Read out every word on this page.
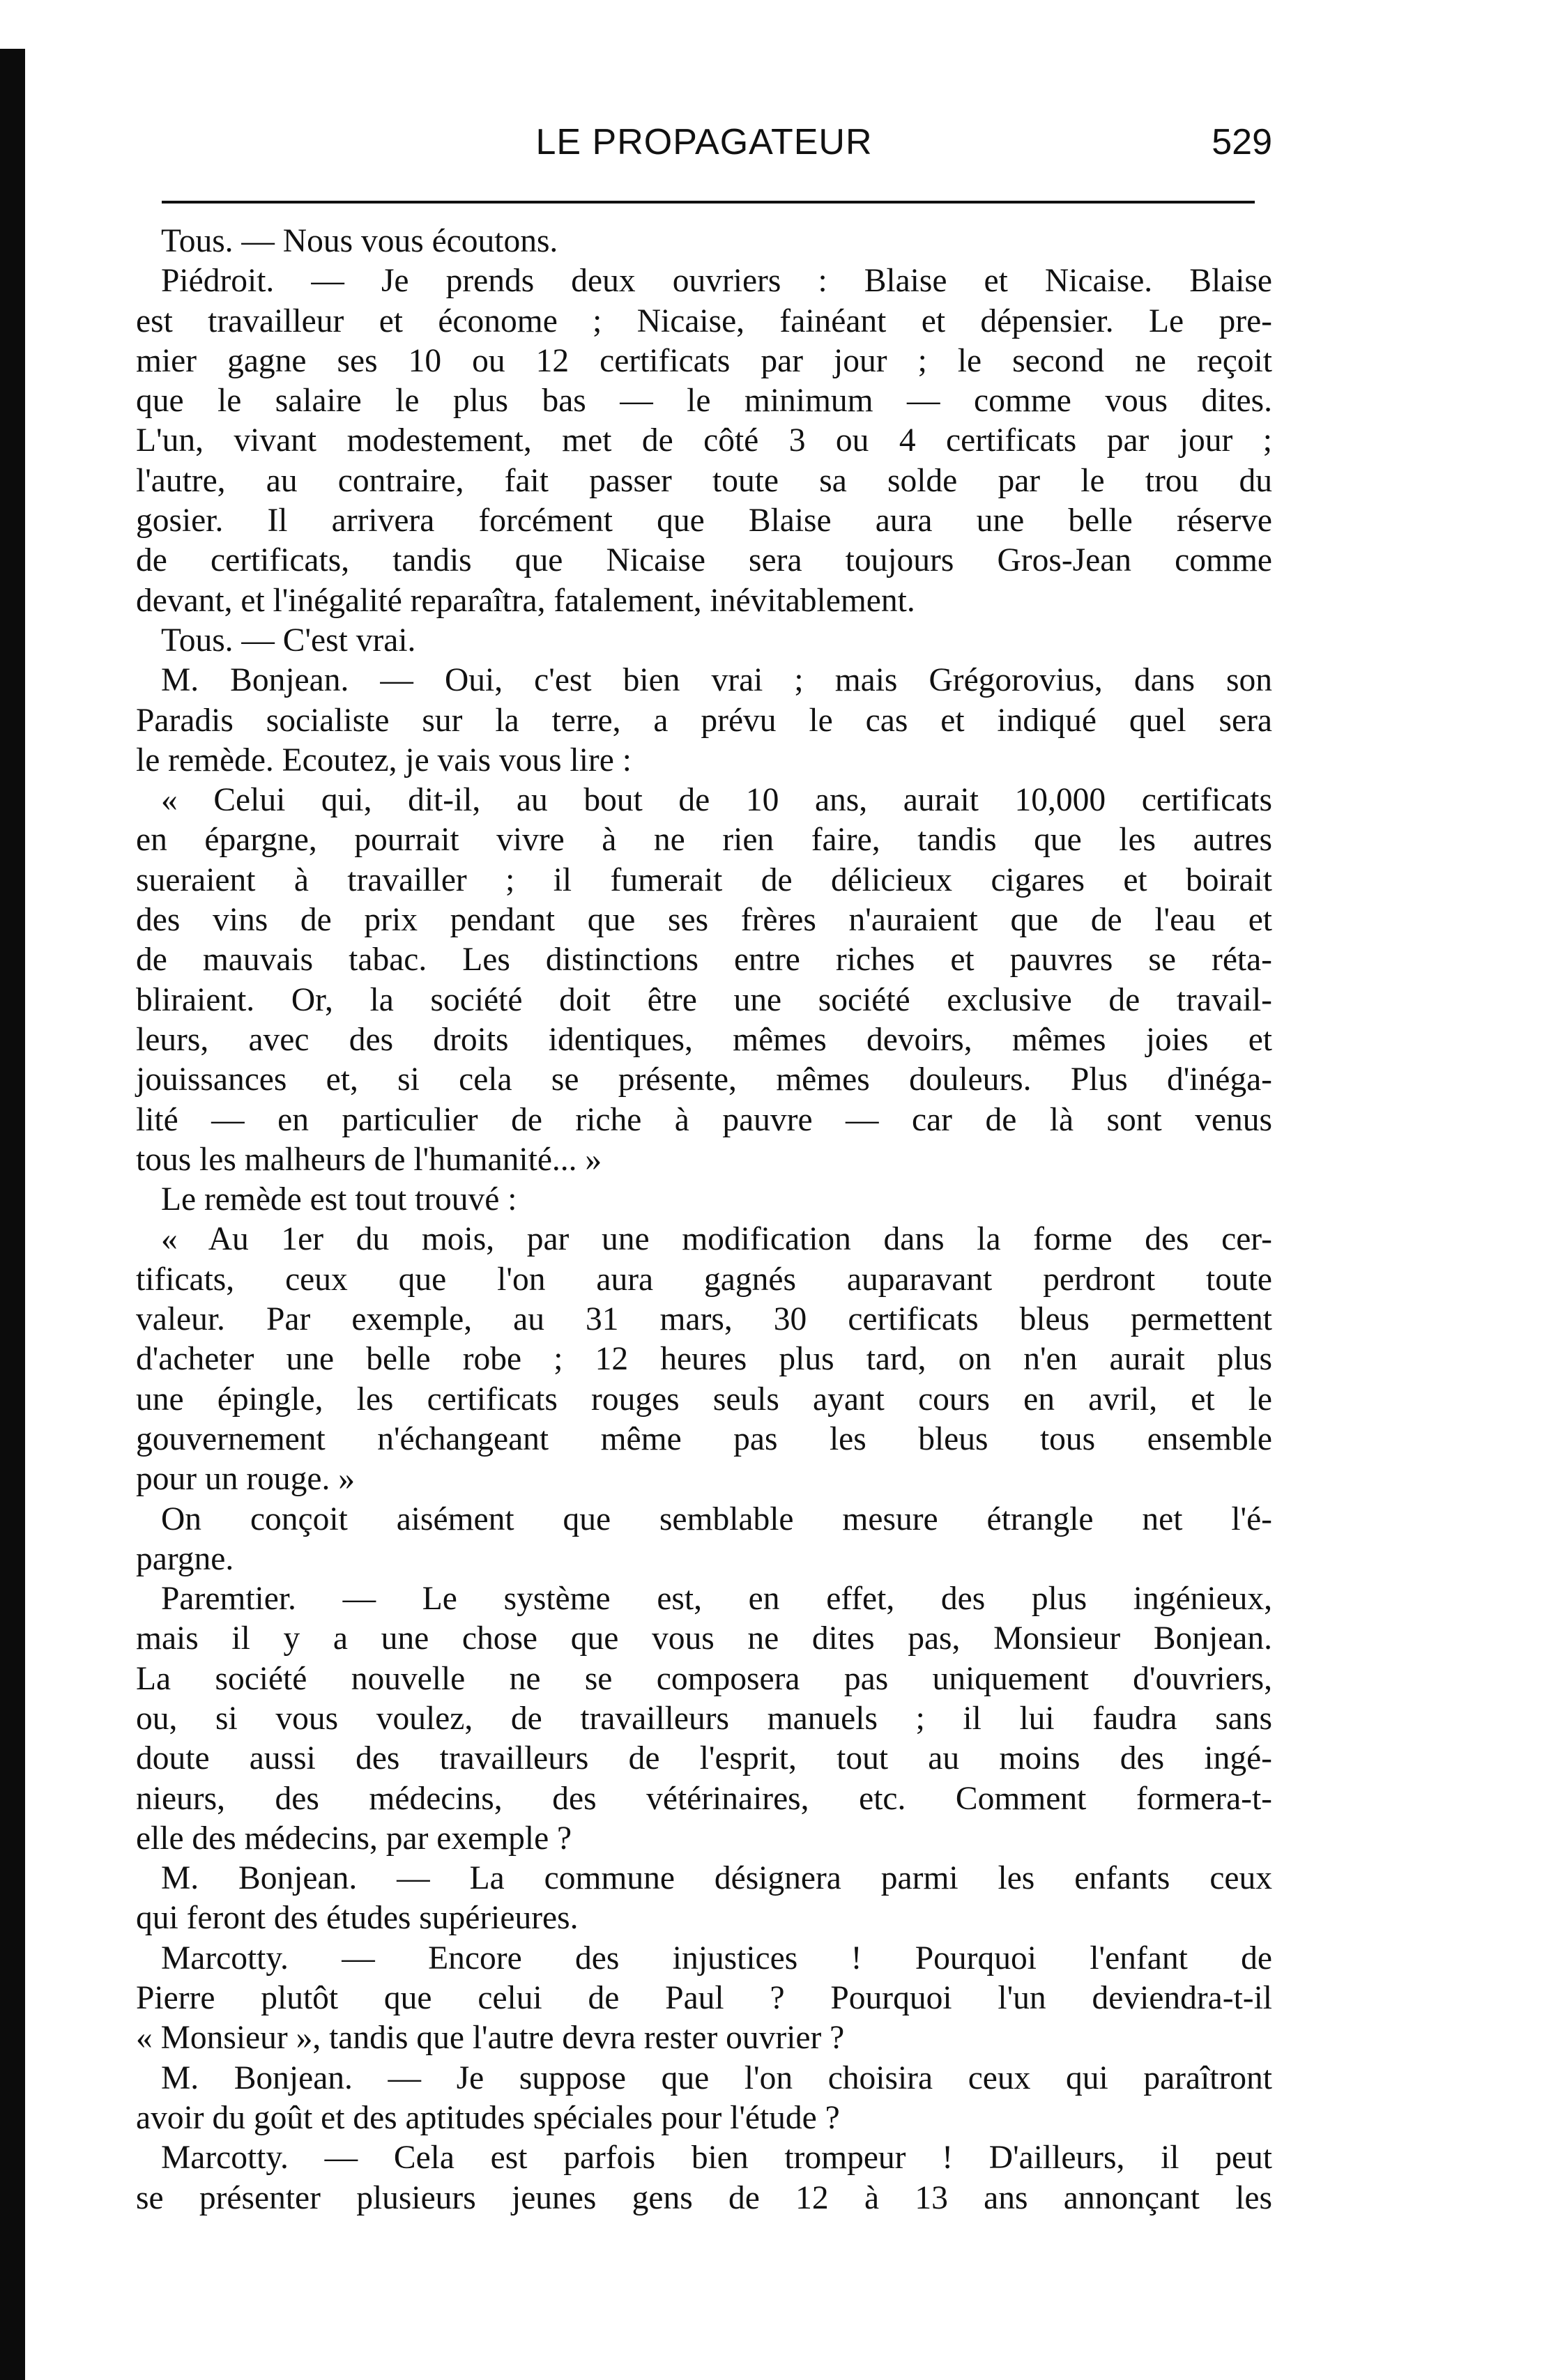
LE PROPAGATEUR	529
Tous. — Nous vous écoutons.
Piédroit. — Je prends deux ouvriers : Blaise et Nicaise. Blaise
est travailleur et économe ; Nicaise, fainéant et dépensier. Le pre-
mier gagne ses 10 ou 12 certificats par jour ; le second ne reçoit
que le salaire le plus bas — le minimum — comme vous dites.
L'un, vivant modestement, met de côté 3 ou 4 certificats par jour ;
l'autre, au contraire, fait passer toute sa solde par le trou du
gosier. Il arrivera forcément que Blaise aura une belle réserve
de certificats, tandis que Nicaise sera toujours Gros-Jean comme
devant, et l'inégalité reparaîtra, fatalement, inévitablement.
Tous. — C'est vrai.
M. Bonjean. — Oui, c'est bien vrai ; mais Grégorovius, dans son
Paradis socialiste sur la terre, a prévu le cas et indiqué quel sera
le remède. Ecoutez, je vais vous lire :
« Celui qui, dit-il, au bout de 10 ans, aurait 10,000 certificats
en épargne, pourrait vivre à ne rien faire, tandis que les autres
sueraient à travailler ; il fumerait de délicieux cigares et boirait
des vins de prix pendant que ses frères n'auraient que de l'eau et
de mauvais tabac. Les distinctions entre riches et pauvres se réta-
bliraient. Or, la société doit être une société exclusive de travail-
leurs, avec des droits identiques, mêmes devoirs, mêmes joies et
jouissances et, si cela se présente, mêmes douleurs. Plus d'inéga-
lité — en particulier de riche à pauvre — car de là sont venus
tous les malheurs de l'humanité... »
Le remède est tout trouvé :
« Au 1er du mois, par une modification dans la forme des cer-
tificats, ceux que l'on aura gagnés auparavant perdront toute
valeur. Par exemple, au 31 mars, 30 certificats bleus permettent
d'acheter une belle robe ; 12 heures plus tard, on n'en aurait plus
une épingle, les certificats rouges seuls ayant cours en avril, et le
gouvernement n'échangeant même pas les bleus tous ensemble
pour un rouge. »
On conçoit aisément que semblable mesure étrangle net l'é-
pargne.
Paremtier. — Le système est, en effet, des plus ingénieux,
mais il y a une chose que vous ne dites pas, Monsieur Bonjean.
La société nouvelle ne se composera pas uniquement d'ouvriers,
ou, si vous voulez, de travailleurs manuels ; il lui faudra sans
doute aussi des travailleurs de l'esprit, tout au moins des ingé-
nieurs, des médecins, des vétérinaires, etc. Comment formera-t-
elle des médecins, par exemple ?
M. Bonjean. — La commune désignera parmi les enfants ceux
qui feront des études supérieures.
Marcotty. — Encore des injustices ! Pourquoi l'enfant de
Pierre plutôt que celui de Paul ? Pourquoi l'un deviendra-t-il
« Monsieur », tandis que l'autre devra rester ouvrier ?
M. Bonjean. — Je suppose que l'on choisira ceux qui paraîtront
avoir du goût et des aptitudes spéciales pour l'étude ?
Marcotty. — Cela est parfois bien trompeur ! D'ailleurs, il peut
se présenter plusieurs jeunes gens de 12 à 13 ans annonçant les
